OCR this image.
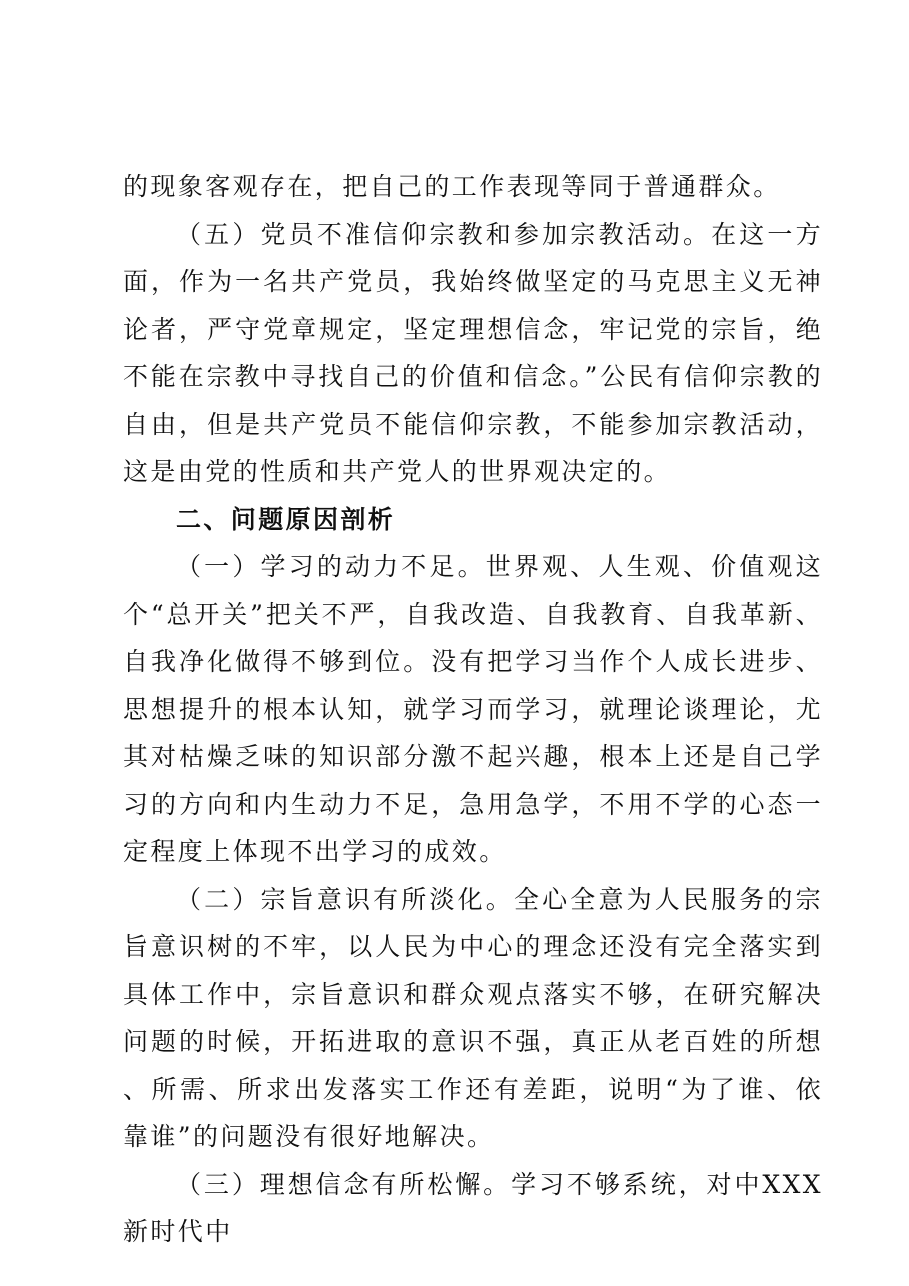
的现象客观存在，把自己的工作表现等同于普通群众。

（五）党员不准信仰宗教和参加宗教活动。在这一方面，作为一名共产党员，我始终做坚定的马克思主义无神论者，严守党章规定，坚定理想信念，牢记党的宗旨，绝不能在宗教中寻找自己的价值和信念。”公民有信仰宗教的自由，但是共产党员不能信仰宗教，不能参加宗教活动，这是由党的性质和共产党人的世界观决定的。

二、问题原因剖析

（一）学习的动力不足。世界观、人生观、价值观这个“总开关”把关不严，自我改造、自我教育、自我革新、自我净化做得不够到位。没有把学习当作个人成长进步、思想提升的根本认知，就学习而学习，就理论谈理论，尤其对枯燥乏味的知识部分激不起兴趣，根本上还是自己学习的方向和内生动力不足，急用急学，不用不学的心态一定程度上体现不出学习的成效。

（二）宗旨意识有所淡化。全心全意为人民服务的宗旨意识树的不牢，以人民为中心的理念还没有完全落实到具体工作中，宗旨意识和群众观点落实不够，在研究解决问题的时候，开拓进取的意识不强，真正从老百姓的所想、所需、所求出发落实工作还有差距，说明“为了谁、依靠谁”的问题没有很好地解决。

（三）理想信念有所松懈。学习不够系统，对中XXX新时代中
